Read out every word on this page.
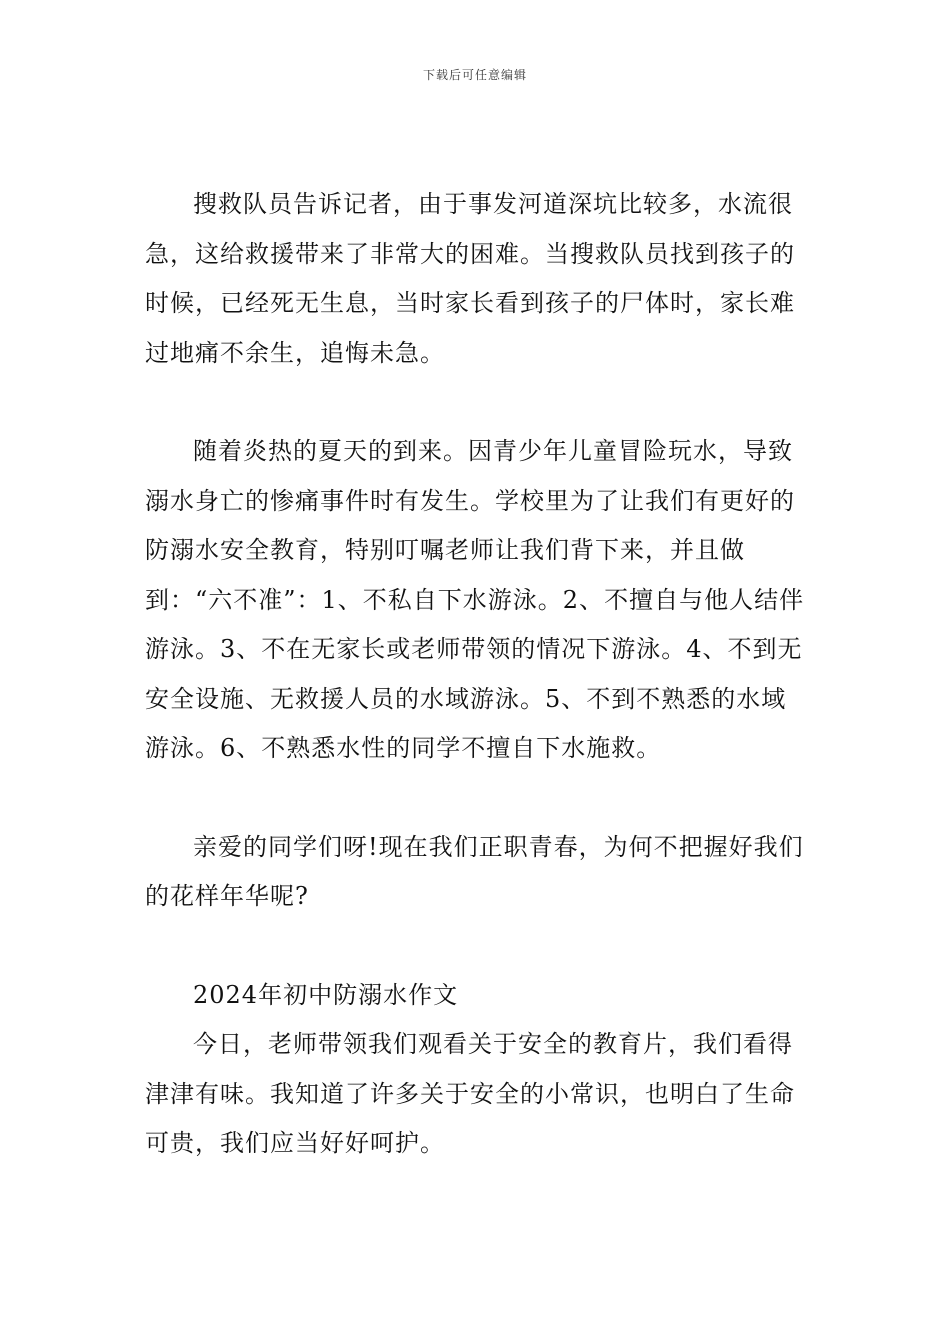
下载后可任意编辑

搜救队员告诉记者，由于事发河道深坑比较多，水流很急，这给救援带来了非常大的困难。当搜救队员找到孩子的时候，已经死无生息，当时家长看到孩子的尸体时，家长难过地痛不余生，追悔未急。

随着炎热的夏天的到来。因青少年儿童冒险玩水，导致溺水身亡的惨痛事件时有发生。学校里为了让我们有更好的防溺水安全教育，特别叮嘱老师让我们背下来，并且做到：“六不准”：1、不私自下水游泳。2、不擅自与他人结伴游泳。3、不在无家长或老师带领的情况下游泳。4、不到无安全设施、无救援人员的水域游泳。5、不到不熟悉的水域游泳。6、不熟悉水性的同学不擅自下水施救。

亲爱的同学们呀!现在我们正职青春，为何不把握好我们的花样年华呢?

2024年初中防溺水作文

今日，老师带领我们观看关于安全的教育片，我们看得津津有味。我知道了许多关于安全的小常识，也明白了生命可贵，我们应当好好呵护。
